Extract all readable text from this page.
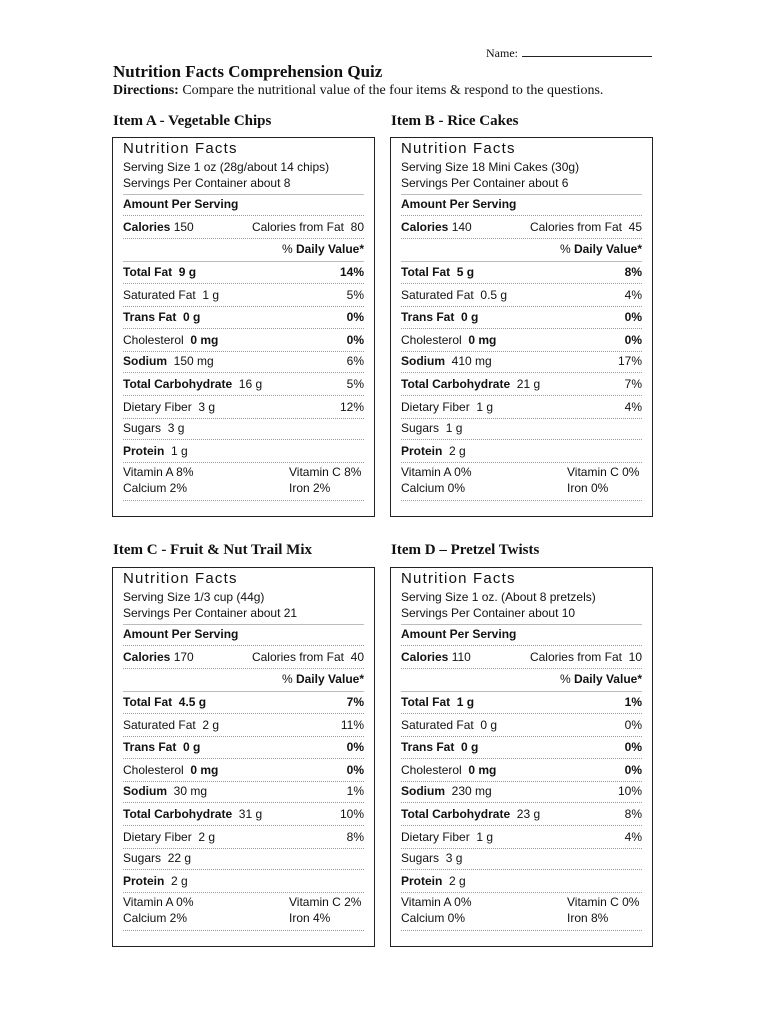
Name:
Nutrition Facts Comprehension Quiz
Directions: Compare the nutritional value of the four items & respond to the questions.
Item A - Vegetable Chips
Nutrition Facts
Serving Size 1 oz (28g/about 14 chips)
Servings Per Container about 8
Amount Per Serving
Calories 150	Calories from Fat 80
% Daily Value*
Total Fat 9 g	14%
Saturated Fat 1 g	5%
Trans Fat 0 g	0%
Cholesterol 0 mg	0%
Sodium 150 mg	6%
Total Carbohydrate 16 g	5%
Dietary Fiber 3 g	12%
Sugars 3 g
Protein 1 g
Vitamin A 8%	Vitamin C 8%
Calcium 2%	Iron 2%
Item B - Rice Cakes
Nutrition Facts
Serving Size 18 Mini Cakes (30g)
Servings Per Container about 6
Amount Per Serving
Calories 140	Calories from Fat 45
% Daily Value*
Total Fat 5 g	8%
Saturated Fat 0.5 g	4%
Trans Fat 0 g	0%
Cholesterol 0 mg	0%
Sodium 410 mg	17%
Total Carbohydrate 21 g	7%
Dietary Fiber 1 g	4%
Sugars 1 g
Protein 2 g
Vitamin A 0%	Vitamin C 0%
Calcium 0%	Iron 0%
Item C - Fruit & Nut Trail Mix
Nutrition Facts
Serving Size 1/3 cup (44g)
Servings Per Container about 21
Amount Per Serving
Calories 170	Calories from Fat 40
% Daily Value*
Total Fat 4.5 g	7%
Saturated Fat 2 g	11%
Trans Fat 0 g	0%
Cholesterol 0 mg	0%
Sodium 30 mg	1%
Total Carbohydrate 31 g	10%
Dietary Fiber 2 g	8%
Sugars 22 g
Protein 2 g
Vitamin A 0%	Vitamin C 2%
Calcium 2%	Iron 4%
Item D – Pretzel Twists
Nutrition Facts
Serving Size 1 oz. (About 8 pretzels)
Servings Per Container about 10
Amount Per Serving
Calories 110	Calories from Fat 10
% Daily Value*
Total Fat 1 g	1%
Saturated Fat 0 g	0%
Trans Fat 0 g	0%
Cholesterol 0 mg	0%
Sodium 230 mg	10%
Total Carbohydrate 23 g	8%
Dietary Fiber 1 g	4%
Sugars 3 g
Protein 2 g
Vitamin A 0%	Vitamin C 0%
Calcium 0%	Iron 8%
